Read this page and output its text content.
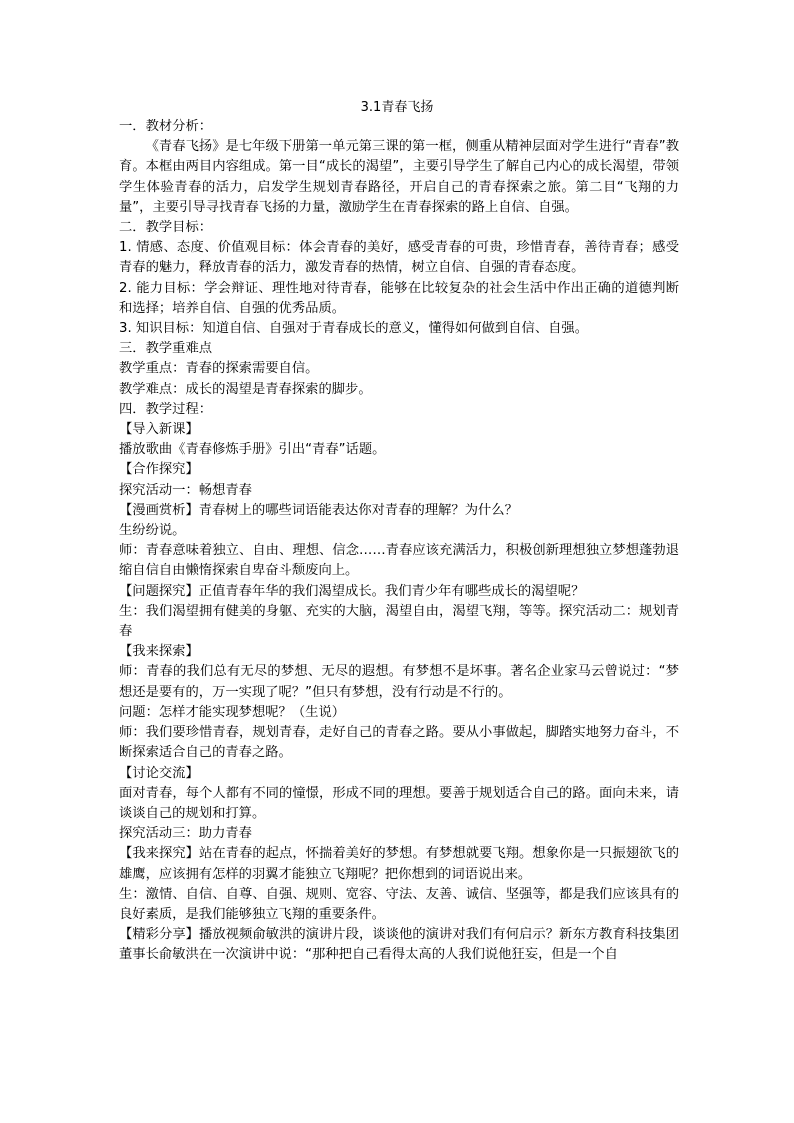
3.1青春飞扬

一．教材分析：

《青春飞扬》是七年级下册第一单元第三课的第一框，侧重从精神层面对学生进行“青春”教育。本框由两目内容组成。第一目“成长的渴望”，主要引导学生了解自己内心的成长渴望，带领学生体验青春的活力，启发学生规划青春路径，开启自己的青春探索之旅。第二目“飞翔的力量”，主要引导寻找青春飞扬的力量，激励学生在青春探索的路上自信、自强。

二．教学目标：

1. 情感、态度、价值观目标：体会青春的美好，感受青春的可贵，珍惜青春，善待青春；感受青春的魅力，释放青春的活力，激发青春的热情，树立自信、自强的青春态度。

2. 能力目标：学会辩证、理性地对待青春，能够在比较复杂的社会生活中作出正确的道德判断和选择；培养自信、自强的优秀品质。

3. 知识目标：知道自信、自强对于青春成长的意义，懂得如何做到自信、自强。

三．教学重难点

教学重点：青春的探索需要自信。

教学难点：成长的渴望是青春探索的脚步。

四．教学过程：

【导入新课】

播放歌曲《青春修炼手册》引出“青春”话题。

【合作探究】

探究活动一：畅想青春

【漫画赏析】青春树上的哪些词语能表达你对青春的理解？为什么？

生纷纷说。

师：青春意味着独立、自由、理想、信念……青春应该充满活力，积极创新理想独立梦想蓬勃退缩自信自由懒惰探索自卑奋斗颓废向上。

【问题探究】正值青春年华的我们渴望成长。我们青少年有哪些成长的渴望呢？

生：我们渴望拥有健美的身躯、充实的大脑，渴望自由，渴望飞翔，等等。探究活动二：规划青春

【我来探索】

师：青春的我们总有无尽的梦想、无尽的遐想。有梦想不是坏事。著名企业家马云曾说过：“梦想还是要有的，万一实现了呢？”但只有梦想，没有行动是不行的。

问题：怎样才能实现梦想呢？（生说）

师：我们要珍惜青春，规划青春，走好自己的青春之路。要从小事做起，脚踏实地努力奋斗，不断探索适合自己的青春之路。

【讨论交流】

面对青春，每个人都有不同的憧憬，形成不同的理想。要善于规划适合自己的路。面向未来，请谈谈自己的规划和打算。

探究活动三：助力青春

【我来探究】站在青春的起点，怀揣着美好的梦想。有梦想就要飞翔。想象你是一只振翅欲飞的雄鹰，应该拥有怎样的羽翼才能独立飞翔呢？把你想到的词语说出来。

生：激情、自信、自尊、自强、规则、宽容、守法、友善、诚信、坚强等，都是我们应该具有的良好素质，是我们能够独立飞翔的重要条件。

【精彩分享】播放视频俞敏洪的演讲片段，谈谈他的演讲对我们有何启示？新东方教育科技集团董事长俞敏洪在一次演讲中说：“那种把自己看得太高的人我们说他狂妄，但是一个自
